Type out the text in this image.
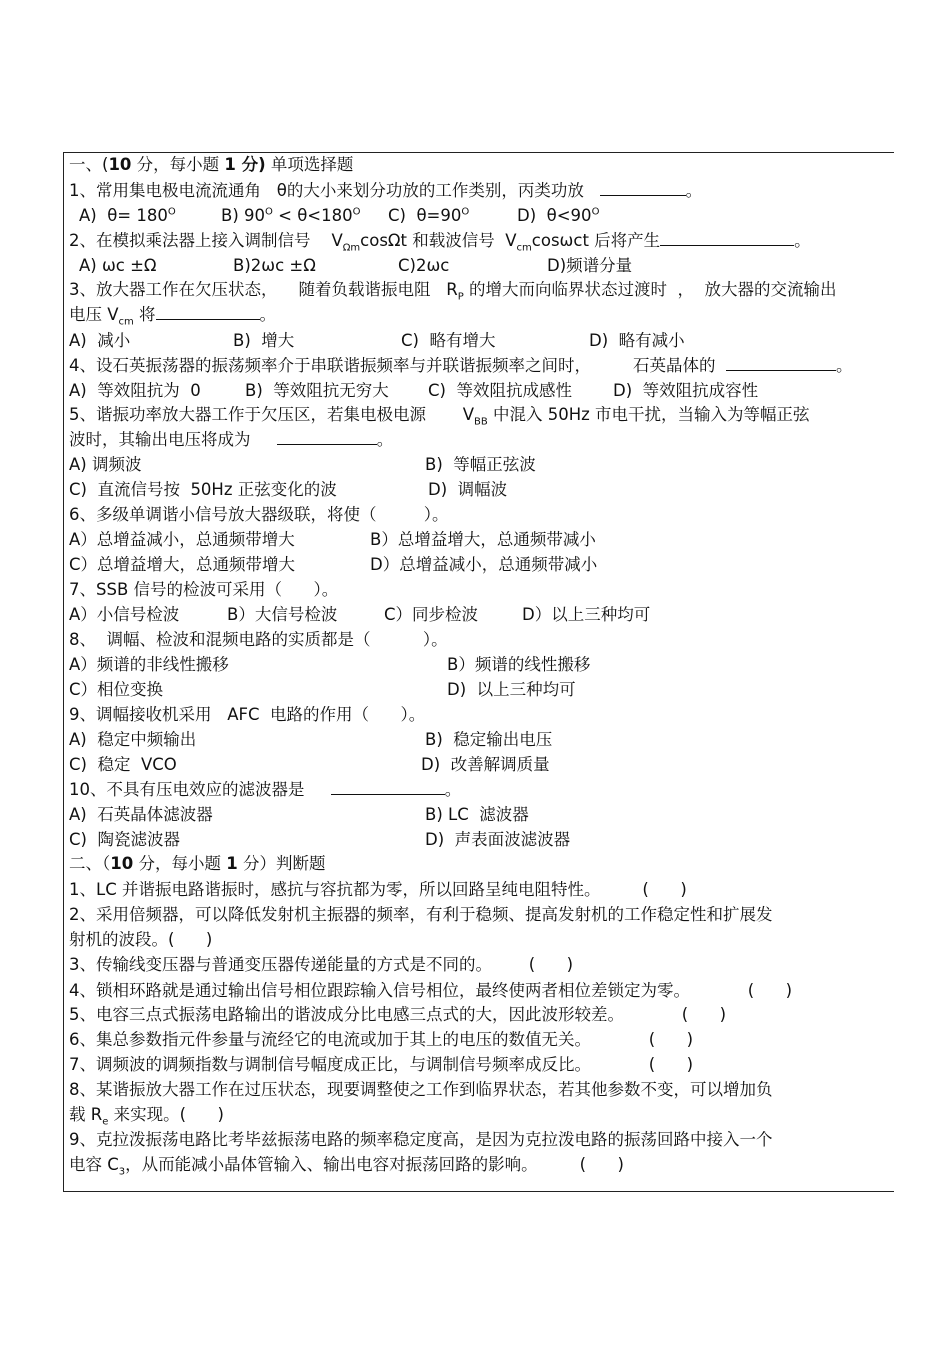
一、(10 分，每小题 1 分) 单项选择题
1、常用集电极电流流通角   θ的大小来划分功放的工作类别，丙类功放	。
A)  $\theta= 180^O$	B) $90^O < \theta<180^O$ C)  $\theta=90^O$	D)  $\theta<90^O$
2、在模拟乘法器上接入调制信号 $V_{\Omega m}\cos\Omega t$ 和载波信号  $V_{cm}\cos\omega ct$ 后将产生	。
A) ωc ±Ω	B)2ωc ±Ω	C)2ωc	D)频谱分量
3、放大器工作在欠压状态，    随着负载谐振电阻   $R_P$ 的增大而向临界状态过渡时  ，  放大器的交流输出
电压 $V_{cm}$ 将	。
A)  减小	B)  增大	C)  略有增大	D)  略有减小
4、设石英振荡器的振荡频率介于串联谐振频率与并联谐振频率之间时，        石英晶体的	。
A)  等效阻抗为  0	B)  等效阻抗无穷大 C)  等效阻抗成感性 D)  等效阻抗成容性
5、谐振功率放大器工作于欠压区，若集电极电源       $V_{BB}$ 中混入 50Hz 市电干扰，当输入为等幅正弦
波时，其输出电压将成为	。
A) 调频波	B)  等幅正弦波
C)  直流信号按  50Hz 正弦变化的波	D)  调幅波
6、多级单调谐小信号放大器级联，将使（         ）。
A）总增益减小，总通频带增大	B）总增益增大，总通频带减小
C）总增益增大，总通频带增大	D）总增益减小，总通频带减小
7、SSB 信号的检波可采用（      ）。
A）小信号检波	B）大信号检波	C）同步检波	D）以上三种均可
8、  调幅、检波和混频电路的实质都是（          ）。
A）频谱的非线性搬移	B）频谱的线性搬移
C）相位变换	D)  以上三种均可
9、调幅接收机采用   AFC  电路的作用（      ）。
A)  稳定中频输出	B)  稳定输出电压
C)  稳定  VCO	D)  改善解调质量
10、不具有压电效应的滤波器是	。
A)  石英晶体滤波器	B) LC  滤波器
C)  陶瓷滤波器	D)  声表面波滤波器
二、（10 分，每小题 1 分）判断题
1、LC 并谐振电路谐振时，感抗与容抗都为零，所以回路呈纯电阻特性。        (      )
2、采用倍频器，可以降低发射机主振器的频率，有利于稳频、提高发射机的工作稳定性和扩展发
射机的波段。(      )
3、传输线变压器与普通变压器传递能量的方式是不同的。       (      )
4、锁相环路就是通过输出信号相位跟踪输入信号相位，最终使两者相位差锁定为零。           (      )
5、电容三点式振荡电路输出的谐波成分比电感三点式的大，因此波形较差。           (      )
6、集总参数指元件参量与流经它的电流或加于其上的电压的数值无关。           (      )
7、调频波的调频指数与调制信号幅度成正比，与调制信号频率成反比。           (      )
8、某谐振放大器工作在过压状态，现要调整使之工作到临界状态，若其他参数不变，可以增加负
载 $R_e$ 来实现。(      )
9、克拉泼振荡电路比考毕兹振荡电路的频率稳定度高，是因为克拉泼电路的振荡回路中接入一个
电容 $C_3$，从而能减小晶体管输入、输出电容对振荡回路的影响。        (      )
